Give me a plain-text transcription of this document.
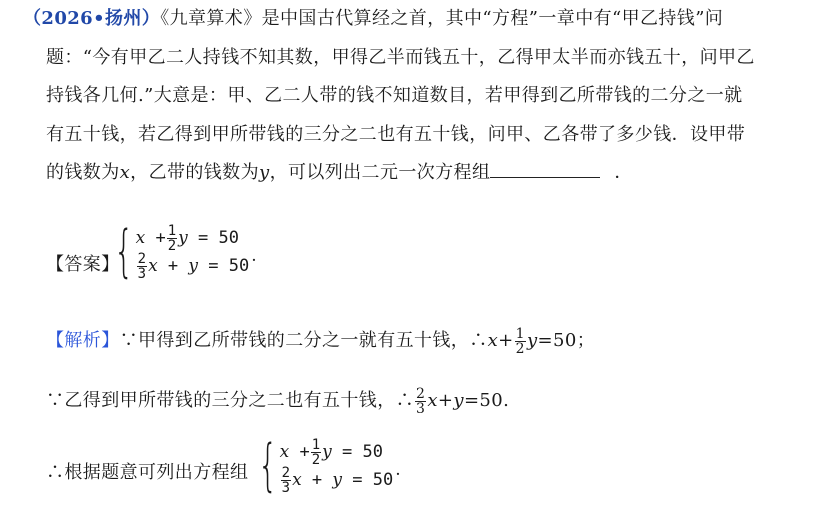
（2026•扬州）《九章算术》是中国古代算经之首，其中“方程”一章中有“甲乙持钱”问
题：“今有甲乙二人持钱不知其数，甲得乙半而钱五十，乙得甲太半而亦钱五十，问甲乙
持钱各几何.”大意是：甲、乙二人带的钱不知道数目，若甲得到乙所带钱的二分之一就
有五十钱，若乙得到甲所带钱的三分之二也有五十钱，问甲、乙各带了多少钱．设甲带
的钱数为x，乙带的钱数为y，可以列出二元一次方程组	．
【答案】
{ $x + \frac{1}{2}$ y = 50
$\frac{2}{3}$ x + y = 50 .
【解析】∵甲得到乙所带钱的二分之一就有五十钱，∴x+ $\frac{1}{2} y=50$；
∵乙得到甲所带钱的三分之二也有五十钱，∴ $\frac{2}{3} x+y=50$.
∴根据题意可列出方程组 { $x + \frac{1}{2}$ y = 50
$\frac{2}{3}$ x + y = 50 .
